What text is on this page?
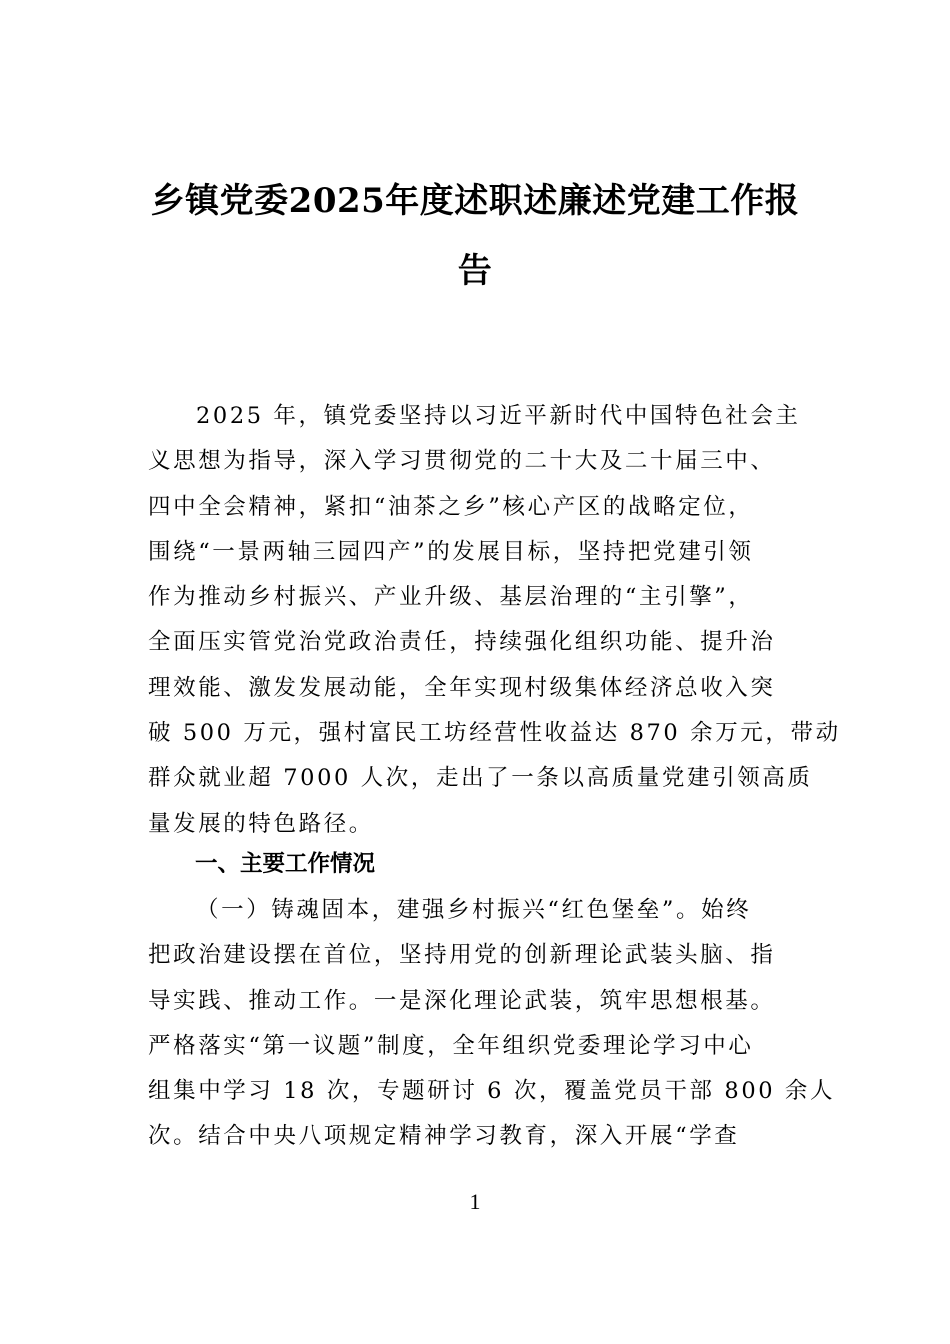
乡镇党委2025年度述职述廉述党建工作报
告
2025 年，镇党委坚持以习近平新时代中国特色社会主
义思想为指导，深入学习贯彻党的二十大及二十届三中、
四中全会精神，紧扣“油茶之乡”核心产区的战略定位，
围绕“一景两轴三园四产”的发展目标，坚持把党建引领
作为推动乡村振兴、产业升级、基层治理的“主引擎”，
全面压实管党治党政治责任，持续强化组织功能、提升治
理效能、激发发展动能，全年实现村级集体经济总收入突
破 500 万元，强村富民工坊经营性收益达 870 余万元，带动
群众就业超 7000 人次，走出了一条以高质量党建引领高质
量发展的特色路径。
一、主要工作情况
（一）铸魂固本，建强乡村振兴“红色堡垒”。始终
把政治建设摆在首位，坚持用党的创新理论武装头脑、指
导实践、推动工作。一是深化理论武装，筑牢思想根基。
严格落实“第一议题”制度，全年组织党委理论学习中心
组集中学习 18 次，专题研讨 6 次，覆盖党员干部 800 余人
次。结合中央八项规定精神学习教育，深入开展“学查
1
